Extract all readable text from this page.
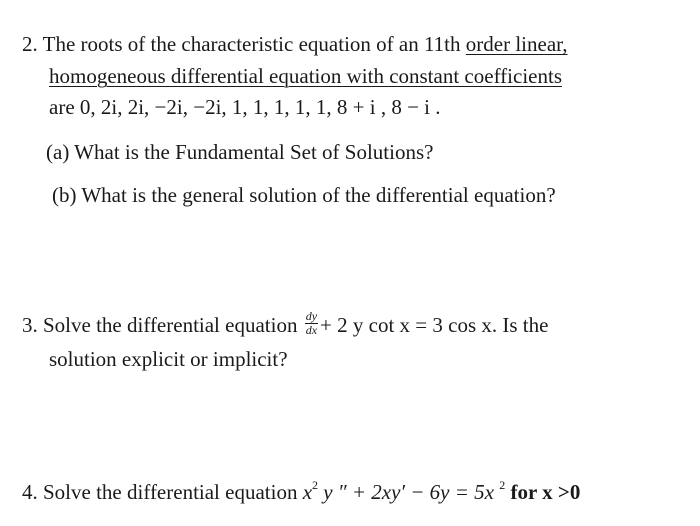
2. The roots of the characteristic equation of an 11th order linear,
homogeneous differential equation with constant coefficients
are 0, 2i, 2i, −2i, −2i, 1, 1, 1, 1, 1, 8 + i , 8 − i .
(a) What is the Fundamental Set of Solutions?
(b) What is the general solution of the differential equation?
3. Solve the differential equation $\frac{dy}{dx} + 2$ y cot x = 3 cos x. Is the
solution explicit or implicit?
4. Solve the differential equation $x^2$ y ″ + 2xy′ − 6y = 5x $^2$ for x >0
